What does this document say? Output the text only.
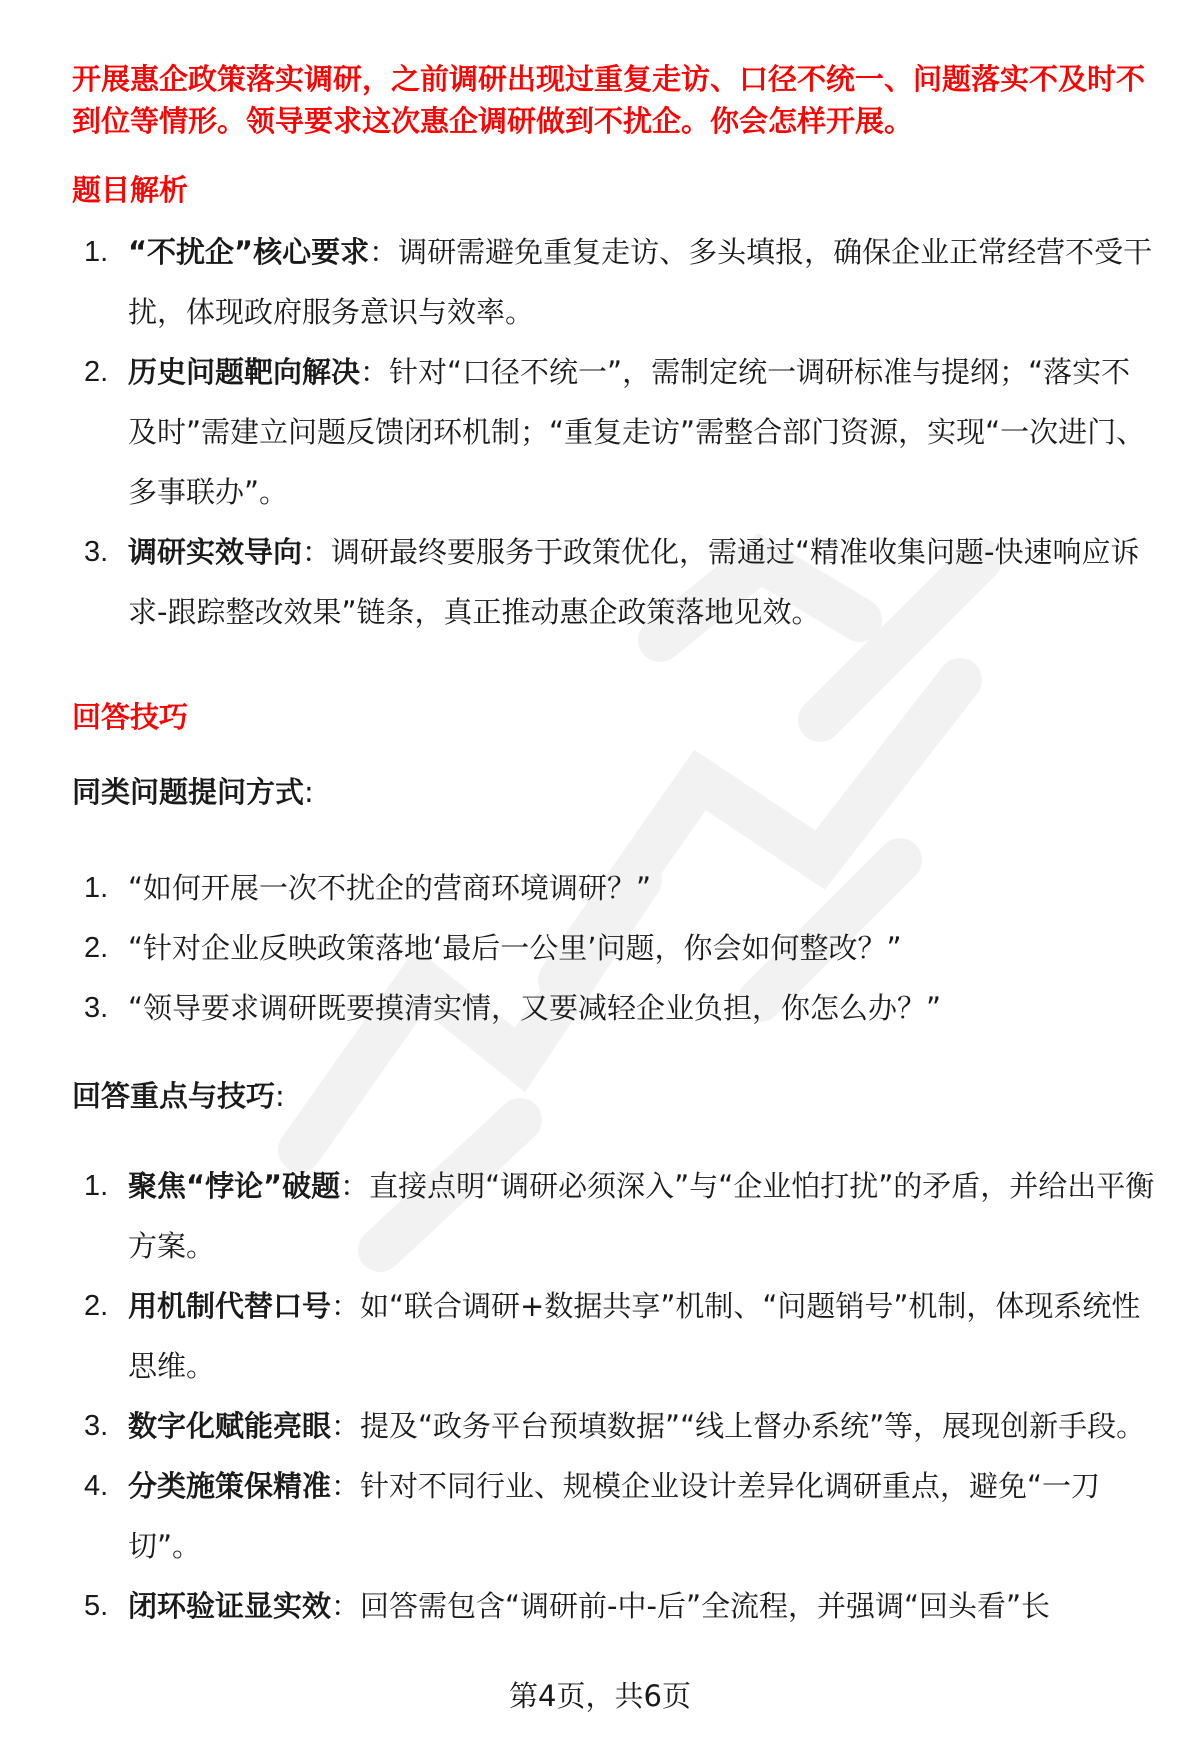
开展惠企政策落实调研，之前调研出现过重复走访、口径不统一、问题落实不及时不到位等情形。领导要求这次惠企调研做到不扰企。你会怎样开展。
题目解析
1. “不扰企”核心要求：调研需避免重复走访、多头填报，确保企业正常经营不受干扰，体现政府服务意识与效率。
2. 历史问题靶向解决：针对“口径不统一”，需制定统一调研标准与提纲；“落实不及时”需建立问题反馈闭环机制；“重复走访”需整合部门资源，实现“一次进门、多事联办”。
3. 调研实效导向：调研最终要服务于政策优化，需通过“精准收集问题-快速响应诉求-跟踪整改效果”链条，真正推动惠企政策落地见效。
回答技巧
同类问题提问方式:
1. “如何开展一次不扰企的营商环境调研？”
2. “针对企业反映政策落地‘最后一公里’问题，你会如何整改？”
3. “领导要求调研既要摸清实情，又要减轻企业负担，你怎么办？”
回答重点与技巧:
1. 聚焦“悖论”破题：直接点明“调研必须深入”与“企业怕打扰”的矛盾，并给出平衡方案。
2. 用机制代替口号：如“联合调研+数据共享”机制、“问题销号”机制，体现系统性思维。
3. 数字化赋能亮眼：提及“政务平台预填数据”“线上督办系统”等，展现创新手段。
4. 分类施策保精准：针对不同行业、规模企业设计差异化调研重点，避免“一刀切”。
5. 闭环验证显实效：回答需包含“调研前-中-后”全流程，并强调“回头看”长
第4页，共6页
